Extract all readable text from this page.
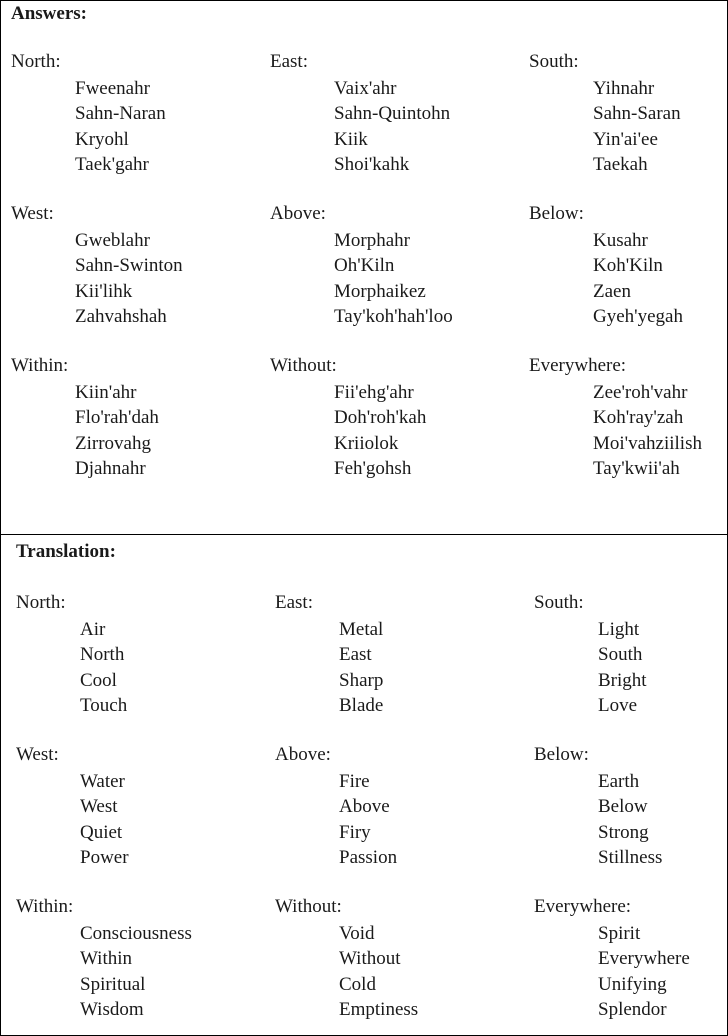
Answers:
North:
Fweenahr
Sahn-Naran
Kryohl
Taek'gahr
East:
Vaix'ahr
Sahn-Quintohn
Kiik
Shoi'kahk
South:
Yihnahr
Sahn-Saran
Yin'ai'ee
Taekah
West:
Gweblahr
Sahn-Swinton
Kii'lihk
Zahvahshah
Above:
Morphahr
Oh'Kiln
Morphaikez
Tay'koh'hah'loo
Below:
Kusahr
Koh'Kiln
Zaen
Gyeh'yegah
Within:
Kiin'ahr
Flo'rah'dah
Zirrovahg
Djahnahr
Without:
Fii'ehg'ahr
Doh'roh'kah
Kriiolok
Feh'gohsh
Everywhere:
Zee'roh'vahr
Koh'ray'zah
Moi'vahziilish
Tay'kwii'ah
Translation:
North:
Air
North
Cool
Touch
East:
Metal
East
Sharp
Blade
South:
Light
South
Bright
Love
West:
Water
West
Quiet
Power
Above:
Fire
Above
Firy
Passion
Below:
Earth
Below
Strong
Stillness
Within:
Consciousness
Within
Spiritual
Wisdom
Without:
Void
Without
Cold
Emptiness
Everywhere:
Spirit
Everywhere
Unifying
Splendor
